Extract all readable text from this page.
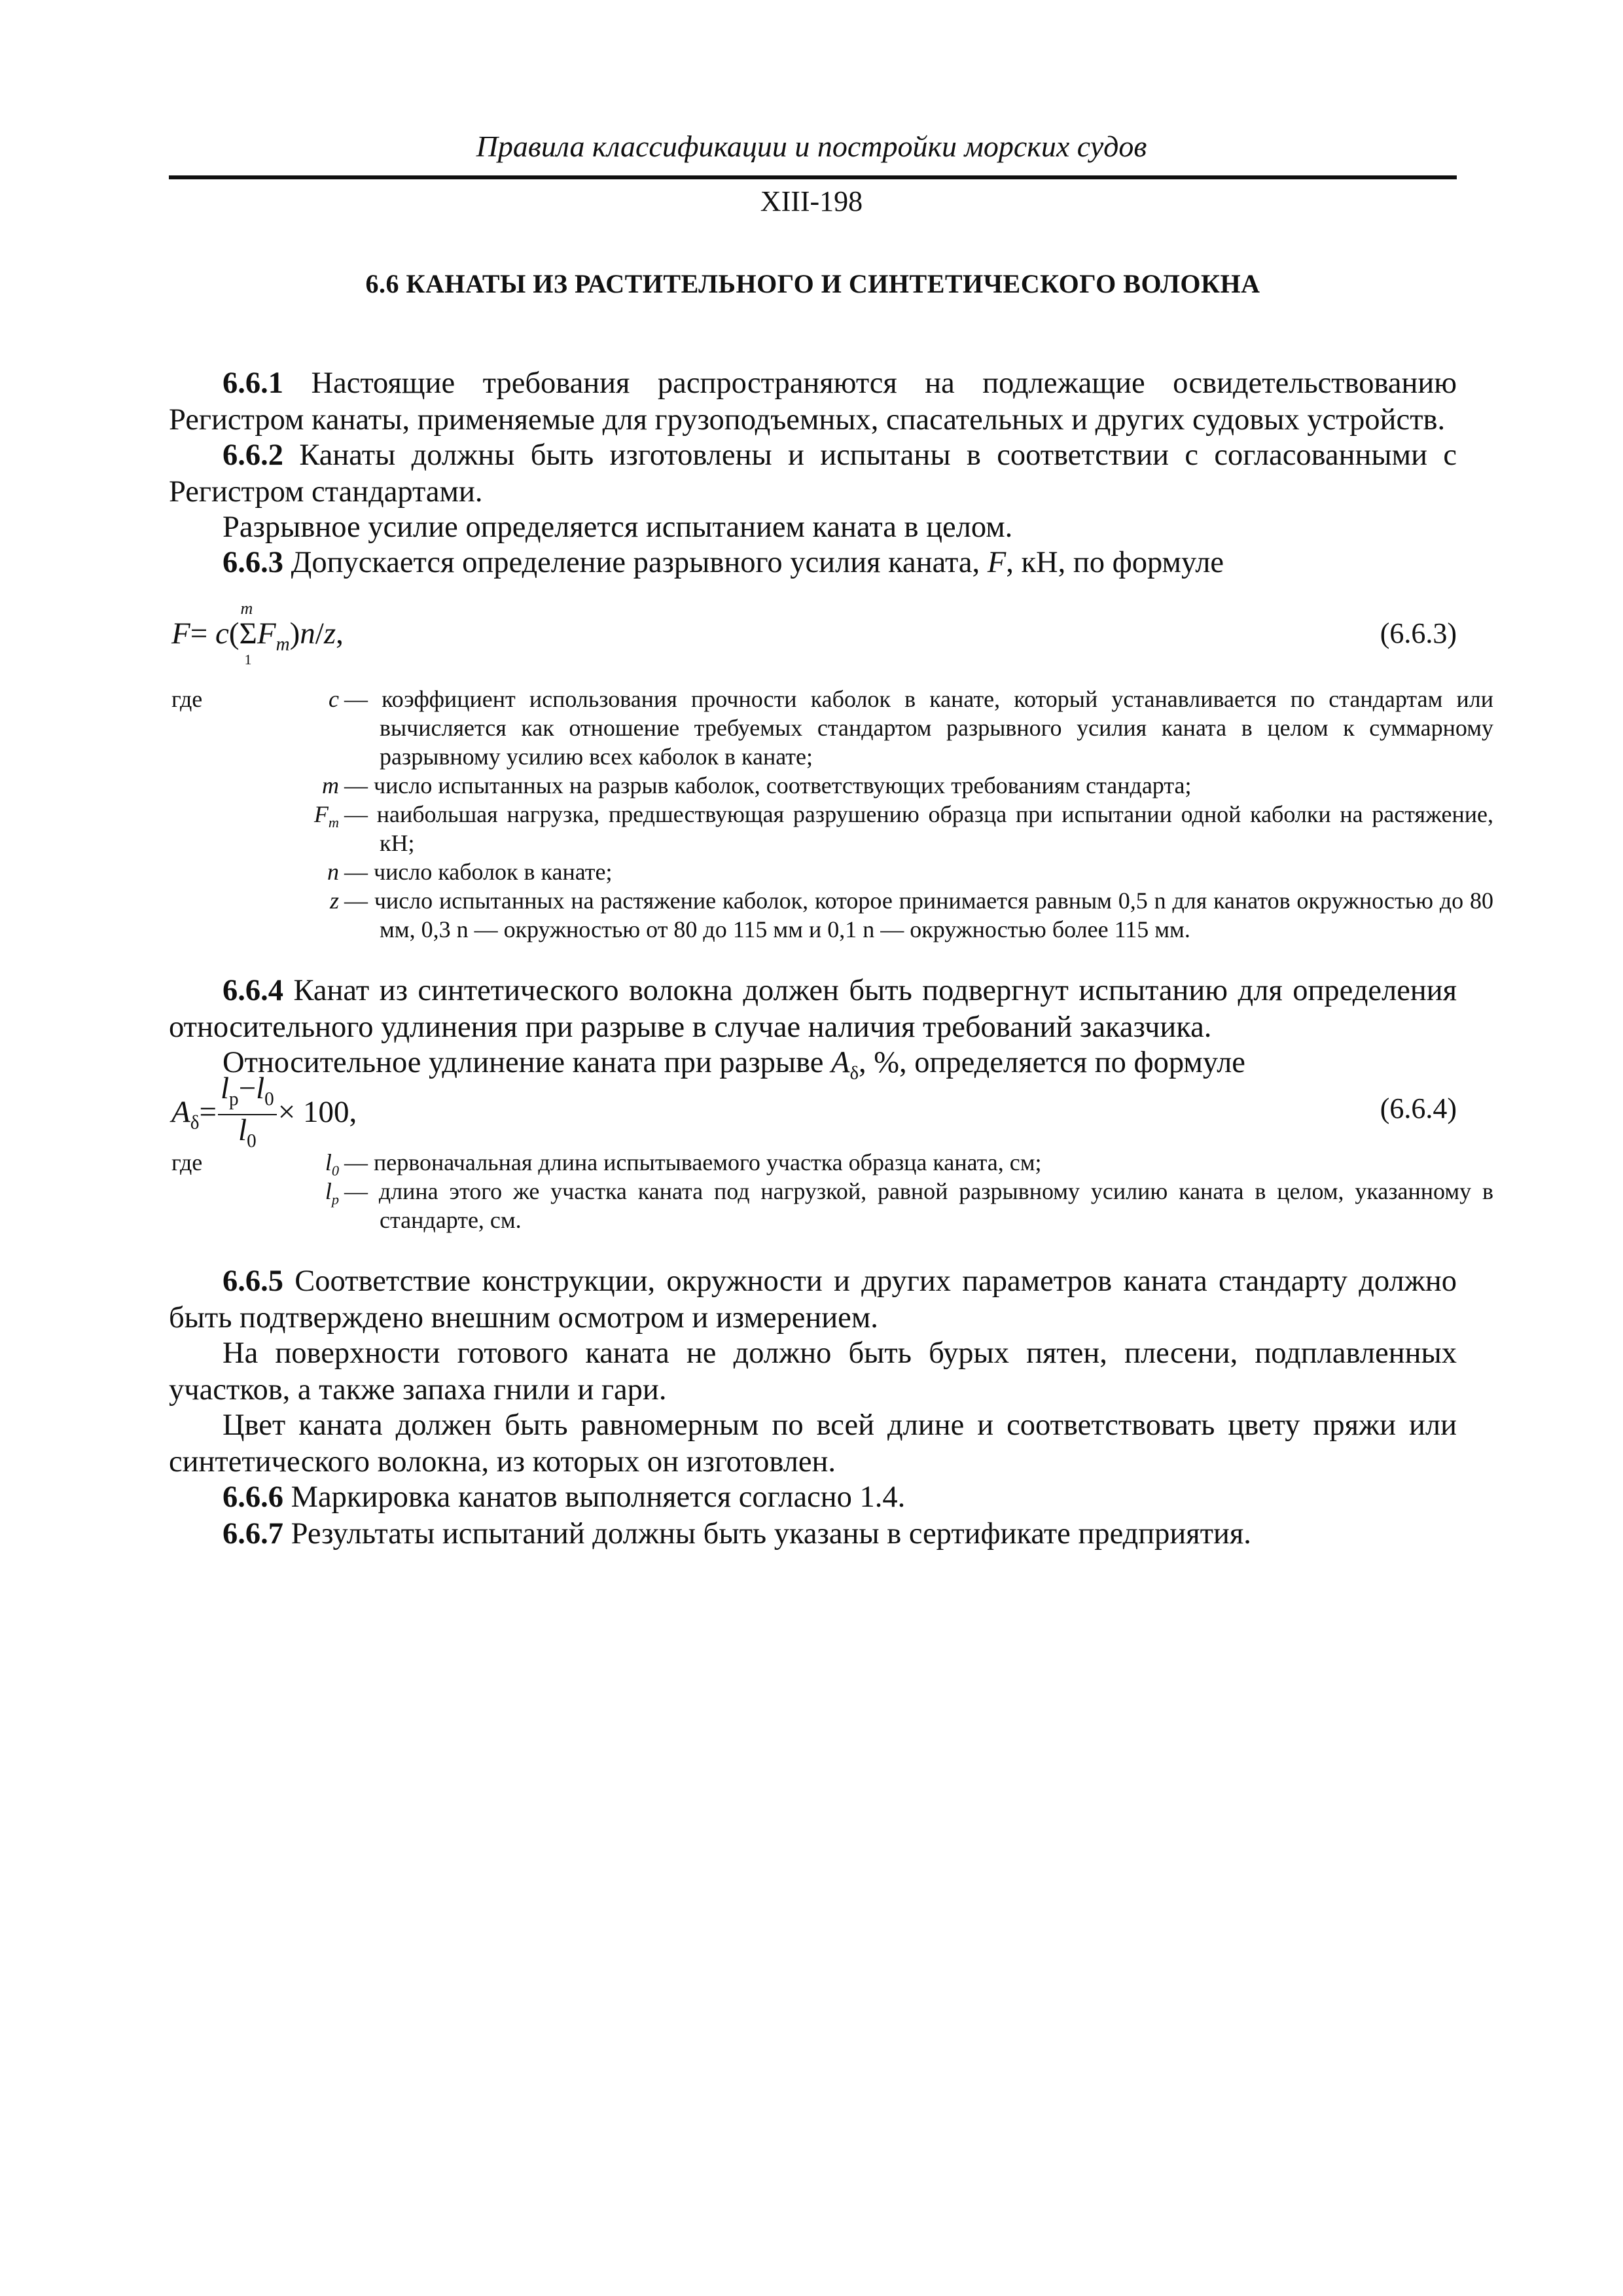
Правила классификации и постройки морских судов
XIII-198
6.6 КАНАТЫ ИЗ РАСТИТЕЛЬНОГО И СИНТЕТИЧЕСКОГО ВОЛОКНА

6.6.1 Настоящие требования распространяются на подлежащие освидетельствованию Регистром канаты, применяемые для грузоподъемных, спасательных и других судовых устройств.

6.6.2 Канаты должны быть изготовлены и испытаны в соответствии с согласованными с Регистром стандартами.

Разрывное усилие определяется испытанием каната в целом.

6.6.3 Допускается определение разрывного усилия каната, F, кН, по формуле

F= c(
m
Σ
1
$F_m)n/z$,	(6.6.3)
где	c — коэффициент использования прочности каболок в канате, который устанавливается по стандартам или вычисляется как отношение требуемых стандартом разрывного усилия каната в целом к суммарному разрывному усилию всех каболок в канате;
m — число испытанных на разрыв каболок, соответствующих требованиям стандарта;
$F_m$ — наибольшая нагрузка, предшествующая разрушению образца при испытании одной каболки на растяжение, кН;
n — число каболок в канате;
z — число испытанных на растяжение каболок, которое принимается равным 0,5 n для канатов окружностью до 80 мм, 0,3 n — окружностью от 80 до 115 мм и 0,1 n — окружностью более 115 мм.

6.6.4 Канат из синтетического волокна должен быть подвергнут испытанию для определения относительного удлинения при разрыве в случае наличия требований заказчика.

Относительное удлинение каната при разрыве $A_\delta$, %, определяется по формуле

$A_\delta= \frac{l_р-l_0}{l_0} \times 100$,	(6.6.4)
где	$l_0$ — первоначальная длина испытываемого участка образца каната, см;
$l_р$ — длина этого же участка каната под нагрузкой, равной разрывному усилию каната в целом, указанному в стандарте, см.

6.6.5 Соответствие конструкции, окружности и других параметров каната стандарту должно быть подтверждено внешним осмотром и измерением.

На поверхности готового каната не должно быть бурых пятен, плесени, подплавленных участков, а также запаха гнили и гари.

Цвет каната должен быть равномерным по всей длине и соответствовать цвету пряжи или синтетического волокна, из которых он изготовлен.

6.6.6 Маркировка канатов выполняется согласно 1.4.

6.6.7 Результаты испытаний должны быть указаны в сертификате предприятия.
